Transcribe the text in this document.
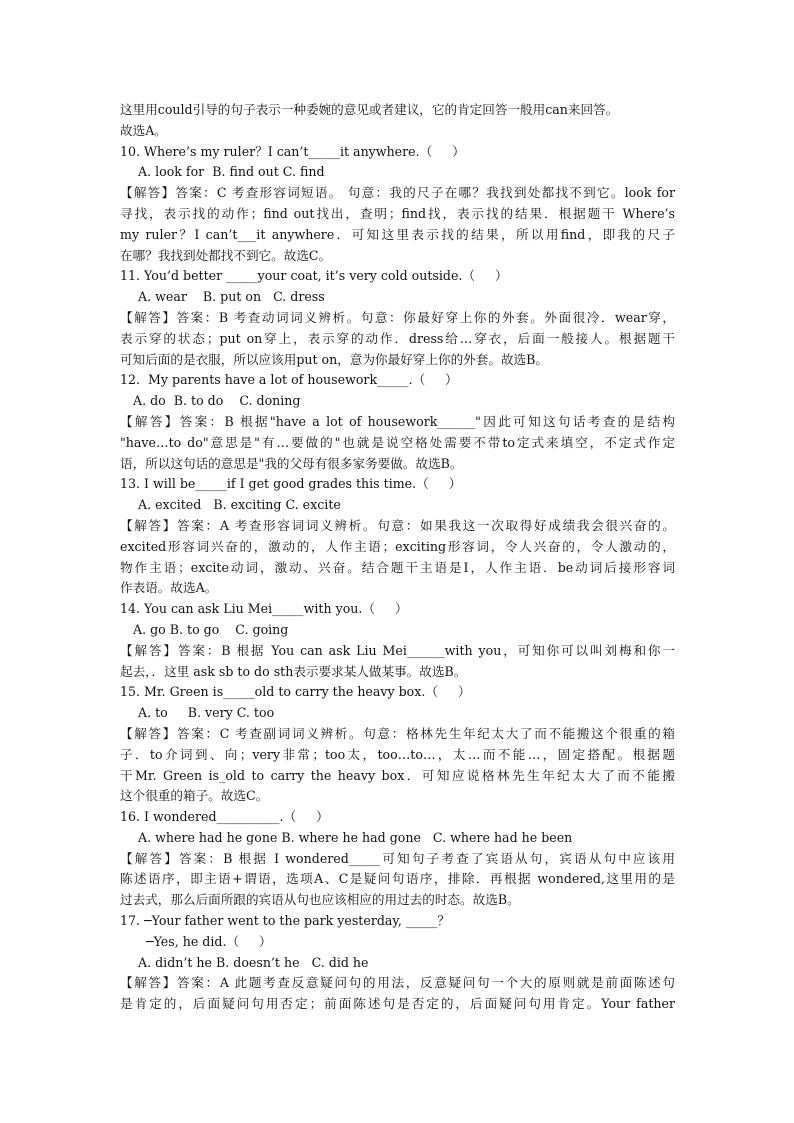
这里用could引导的句子表示一种委婉的意见或者建议，它的肯定回答一般用can来回答。
故选A。
10. Where’s my ruler？I can’t_____it anywhere.（     ）
A. look for  B. find out C. find
【解答】答案：C 考查形容词短语。 句意：我的尺子在哪？我找到处都找不到它。look for
寻找，表示找的动作；find out找出，查明；find找，表示找的结果．根据题干 Where’s
my ruler？I can’t___it anywhere．可知这里表示找的结果，所以用find，即我的尺子
在哪？我找到处都找不到它。故选C。
11. You’d better _____your coat, it’s very cold outside.（     ）
A. wear    B. put on   C. dress
【解答】答案：B 考查动词词义辨析。句意：你最好穿上你的外套。外面很冷．wear穿，
表示穿的状态；put on穿上，表示穿的动作．dress给…穿衣，后面一般接人。根据题干
可知后面的是衣服，所以应该用put on，意为你最好穿上你的外套。故选B。
12.  My parents have a lot of housework_____.（     ）
A. do  B. to do    C. doning
【解答】答案：B 根据"have a lot of housework______"因此可知这句话考查的是结构
"have…to do"意思是"有…要做的"也就是说空格处需要不带to定式来填空，不定式作定
语，所以这句话的意思是"我的父母有很多家务要做。故选B。
13. I will be_____if I get good grades this time.（     ）
A. excited   B. exciting C. excite
【解答】答案：A 考查形容词词义辨析。句意：如果我这一次取得好成绩我会很兴奋的。
excited形容词兴奋的，激动的，人作主语；exciting形容词，令人兴奋的，令人激动的，
物作主语；excite动词，激动、兴奋。结合题干主语是I，人作主语．be动词后接形容词
作表语。故选A。
14. You can ask Liu Mei_____with you.（     ）
A. go B. to go    C. going
【解答】答案：B 根据 You can ask Liu Mei______with you，可知你可以叫刘梅和你一
起去，．这里 ask sb to do sth表示要求某人做某事。故选B。
15. Mr. Green is_____old to carry the heavy box.（     ）
A. to     B. very C. too
【解答】答案：C 考查副词词义辨析。句意：格林先生年纪太大了而不能搬这个很重的箱
子．to介词到、向；very非常；too太，too…to…，太…而不能…，固定搭配。根据题
干Mr. Green is_old to carry the heavy box．可知应说格林先生年纪太大了而不能搬
这个很重的箱子。故选C。
16. I wondered__________.（     ）
A. where had he gone B. where he had gone   C. where had he been
【解答】答案：B 根据 I wondered_____可知句子考查了宾语从句，宾语从句中应该用
陈述语序，即主语+谓语，选项A、C是疑问句语序，排除．再根据 wondered,这里用的是
过去式，那么后面所跟的宾语从句也应该相应的用过去的时态。故选B。
17. ─Your father went to the park yesterday, _____？
─Yes, he did.（     ）
A. didn’t he B. doesn’t he   C. did he
【解答】答案：A 此题考查反意疑问句的用法，反意疑问句一个大的原则就是前面陈述句
是肯定的，后面疑问句用否定；前面陈述句是否定的，后面疑问句用肯定。Your father
